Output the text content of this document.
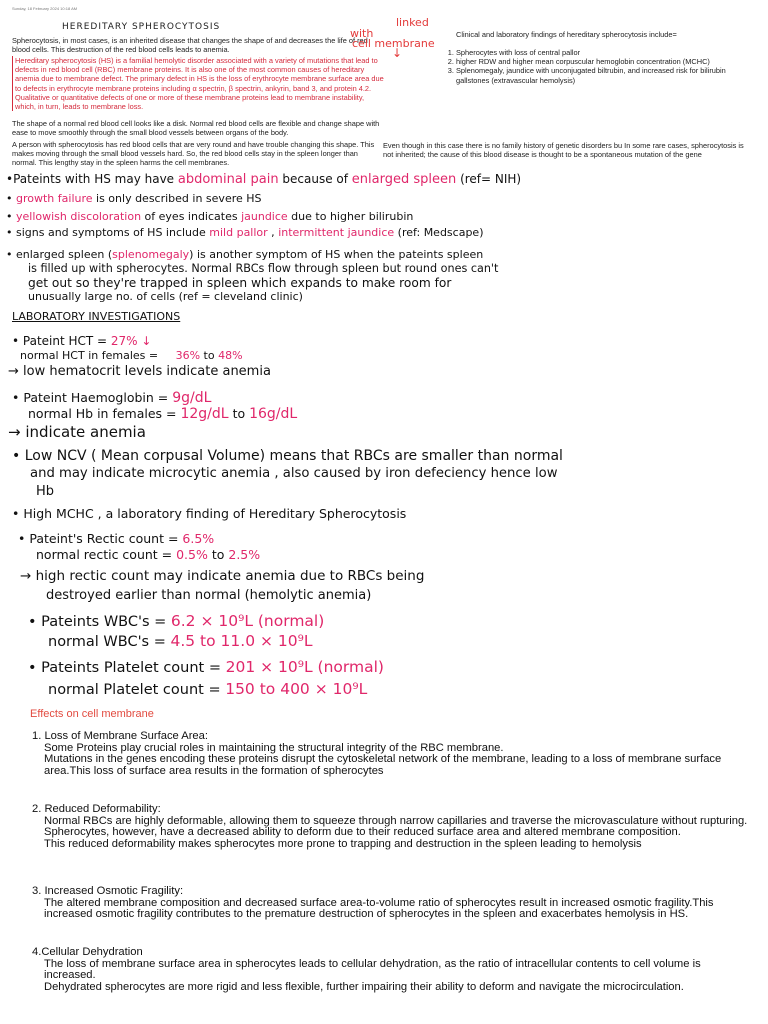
Sunday, 18 February 2024 10:18 AM
HEREDITARY SPHEROCYTOSIS
Spherocytosis, in most cases, is an inherited disease that changes the shape of and decreases the life of red blood cells. This destruction of the red blood cells leads to anemia.
Hereditary spherocytosis (HS) is a familial hemolytic disorder associated with a variety of mutations that lead to defects in red blood cell (RBC) membrane proteins. It is also one of the most common causes of hereditary anemia due to membrane defect. The primary defect in HS is the loss of erythrocyte membrane surface area due to defects in erythrocyte membrane proteins including α spectrin, β spectrin, ankyrin, band 3, and protein 4.2. Qualitative or quantitative defects of one or more of these membrane proteins lead to membrane instability, which, in turn, leads to membrane loss.
The shape of a normal red blood cell looks like a disk. Normal red blood cells are flexible and change shape with ease to move smoothly through the small blood vessels between organs of the body.
A person with spherocytosis has red blood cells that are very round and have trouble changing this shape. This makes moving through the small blood vessels hard. So, the red blood cells stay in the spleen longer than normal. This lengthy stay in the spleen harms the cell membranes.
linked
with
cell membrane
↓
Clinical and laboratory findings of hereditary spherocytosis include=
1. Spherocytes with loss of central pallor
2. higher RDW and higher mean corpuscular hemoglobin concentration (MCHC)
3. Splenomegaly, jaundice with unconjugated biltrubin, and increased risk for bilirubin gallstones (extravascular hemolysis)
Even though in this case there is no family history of genetic disorders bu In some rare cases, spherocytosis is not inherited; the cause of this blood disease is thought to be a spontaneous mutation of the gene
•Pateints with HS may have abdominal pain because of enlarged spleen (ref= NIH)
• growth failure is only described in severe HS
• yellowish discoloration of eyes indicates jaundice due to higher bilirubin
• signs and symptoms of HS include mild pallor , intermittent jaundice (ref: Medscape)
• enlarged spleen (splenomegaly) is another symptom of HS when the pateints spleen
is filled up with spherocytes. Normal RBCs flow through spleen but round ones can't
get out so they're trapped in spleen which expands to make room for
unusually large no. of cells (ref = cleveland clinic)
LABORATORY INVESTIGATIONS
• Pateint HCT = 27% ↓
normal HCT in females = 36% to 48%
→ low hematocrit levels indicate anemia
• Pateint Haemoglobin = 9g/dL
normal Hb in females = 12g/dL to 16g/dL
→ indicate anemia
• Low NCV ( Mean corpusal Volume) means that RBCs are smaller than normal
and may indicate microcytic anemia , also caused by iron defeciency hence low
Hb
• High MCHC , a laboratory finding of Hereditary Spherocytosis
• Pateint's Rectic count = 6.5%
normal rectic count = 0.5% to 2.5%
→ high rectic count may indicate anemia due to RBCs being
destroyed earlier than normal (hemolytic anemia)
• Pateints WBC's = 6.2 × 10⁹L (normal)
normal WBC's = 4.5 to 11.0 × 10⁹L
• Pateints Platelet count = 201 × 10⁹L (normal)
normal Platelet count = 150 to 400 × 10⁹L
Effects on cell membrane
1. Loss of Membrane Surface Area:
Some Proteins play crucial roles in maintaining the structural integrity of the RBC membrane.
Mutations in the genes encoding these proteins disrupt the cytoskeletal network of the membrane, leading to a loss of membrane surface area.This loss of surface area results in the formation of spherocytes
2. Reduced Deformability:
Normal RBCs are highly deformable, allowing them to squeeze through narrow capillaries and traverse the microvasculature without rupturing.
Spherocytes, however, have a decreased ability to deform due to their reduced surface area and altered membrane composition.
This reduced deformability makes spherocytes more prone to trapping and destruction in the spleen leading to hemolysis
3. Increased Osmotic Fragility:
The altered membrane composition and decreased surface area-to-volume ratio of spherocytes result in increased osmotic fragility.This increased osmotic fragility contributes to the premature destruction of spherocytes in the spleen and exacerbates hemolysis in HS.
4.Cellular Dehydration
The loss of membrane surface area in spherocytes leads to cellular dehydration, as the ratio of intracellular contents to cell volume is increased.
Dehydrated spherocytes are more rigid and less flexible, further impairing their ability to deform and navigate the microcirculation.
